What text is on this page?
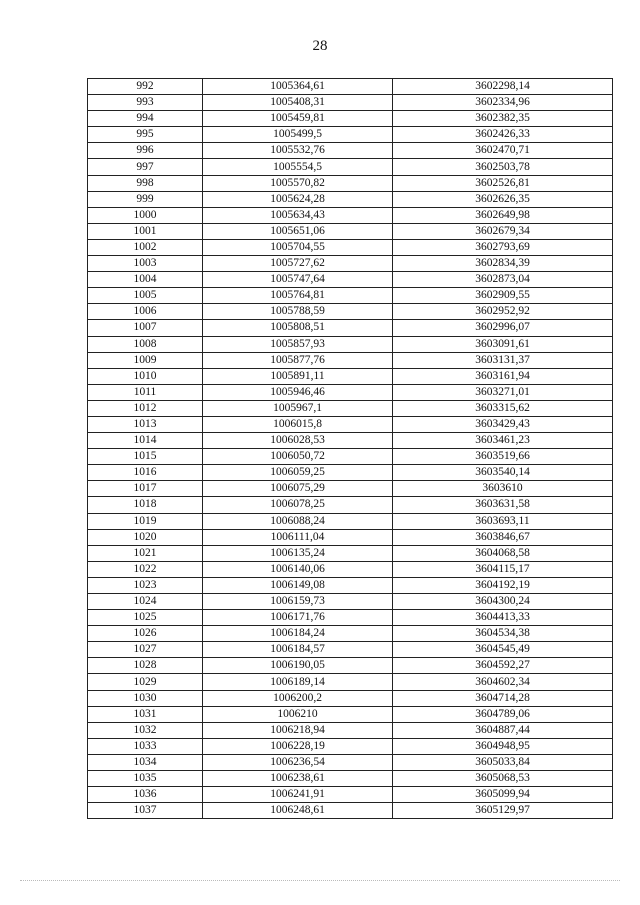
28
992	1005364,61	3602298,14
993	1005408,31	3602334,96
994	1005459,81	3602382,35
995	1005499,5	3602426,33
996	1005532,76	3602470,71
997	1005554,5	3602503,78
998	1005570,82	3602526,81
999	1005624,28	3602626,35
1000	1005634,43	3602649,98
1001	1005651,06	3602679,34
1002	1005704,55	3602793,69
1003	1005727,62	3602834,39
1004	1005747,64	3602873,04
1005	1005764,81	3602909,55
1006	1005788,59	3602952,92
1007	1005808,51	3602996,07
1008	1005857,93	3603091,61
1009	1005877,76	3603131,37
1010	1005891,11	3603161,94
1011	1005946,46	3603271,01
1012	1005967,1	3603315,62
1013	1006015,8	3603429,43
1014	1006028,53	3603461,23
1015	1006050,72	3603519,66
1016	1006059,25	3603540,14
1017	1006075,29	3603610
1018	1006078,25	3603631,58
1019	1006088,24	3603693,11
1020	1006111,04	3603846,67
1021	1006135,24	3604068,58
1022	1006140,06	3604115,17
1023	1006149,08	3604192,19
1024	1006159,73	3604300,24
1025	1006171,76	3604413,33
1026	1006184,24	3604534,38
1027	1006184,57	3604545,49
1028	1006190,05	3604592,27
1029	1006189,14	3604602,34
1030	1006200,2	3604714,28
1031	1006210	3604789,06
1032	1006218,94	3604887,44
1033	1006228,19	3604948,95
1034	1006236,54	3605033,84
1035	1006238,61	3605068,53
1036	1006241,91	3605099,94
1037	1006248,61	3605129,97
